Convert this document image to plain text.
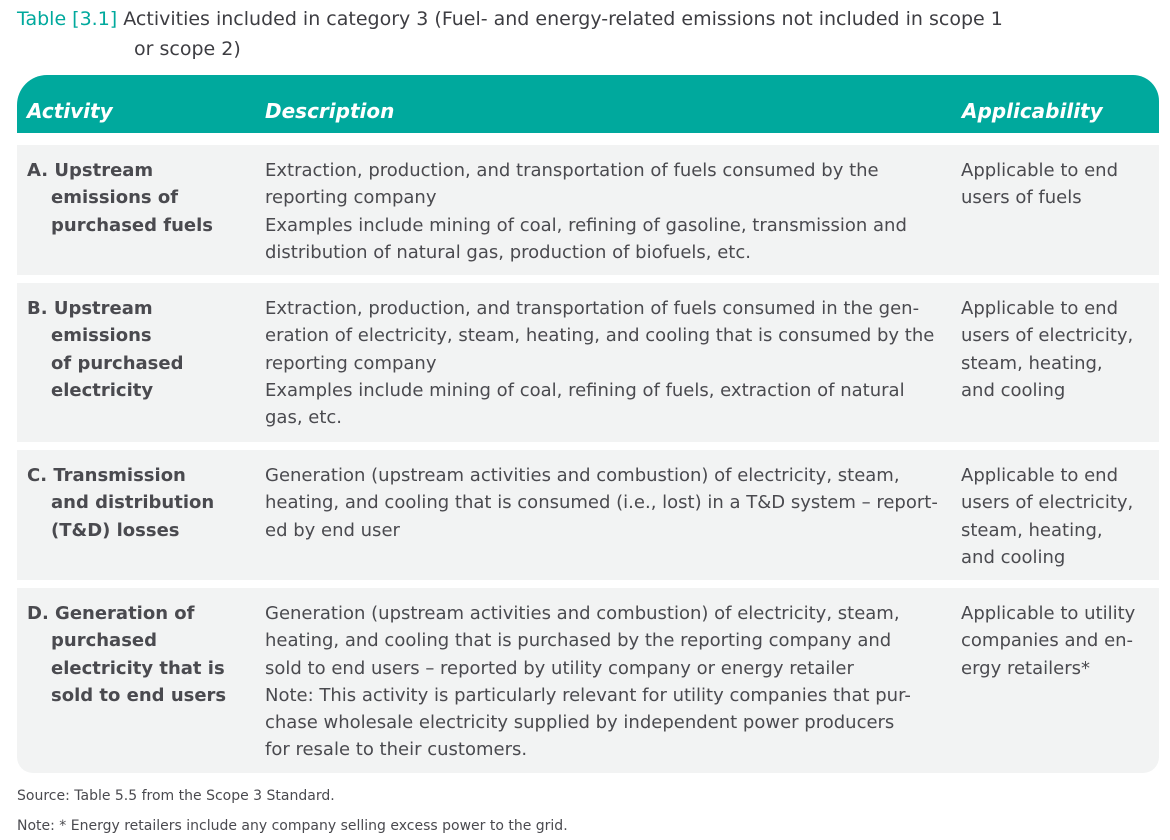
Table [3.1] Activities included in category 3 (Fuel- and energy-related emissions not included in scope 1
or scope 2)
Activity	Description	Applicability
A. Upstream
emissions of
purchased fuels
Extraction, production, and transportation of fuels consumed by the
reporting company
Examples include mining of coal, refining of gasoline, transmission and
distribution of natural gas, production of biofuels, etc.
Applicable to end
users of fuels
B. Upstream
emissions
of purchased
electricity
Extraction, production, and transportation of fuels consumed in the gen-
eration of electricity, steam, heating, and cooling that is consumed by the
reporting company
Examples include mining of coal, refining of fuels, extraction of natural
gas, etc.
Applicable to end
users of electricity,
steam, heating,
and cooling
C. Transmission
and distribution
(T&D) losses
Generation (upstream activities and combustion) of electricity, steam,
heating, and cooling that is consumed (i.e., lost) in a T&D system – report-
ed by end user
Applicable to end
users of electricity,
steam, heating,
and cooling
D. Generation of
purchased
electricity that is
sold to end users
Generation (upstream activities and combustion) of electricity, steam,
heating, and cooling that is purchased by the reporting company and
sold to end users – reported by utility company or energy retailer
Note: This activity is particularly relevant for utility companies that pur-
chase wholesale electricity supplied by independent power producers
for resale to their customers.
Applicable to utility
companies and en-
ergy retailers*
Source: Table 5.5 from the Scope 3 Standard.
Note: * Energy retailers include any company selling excess power to the grid.
